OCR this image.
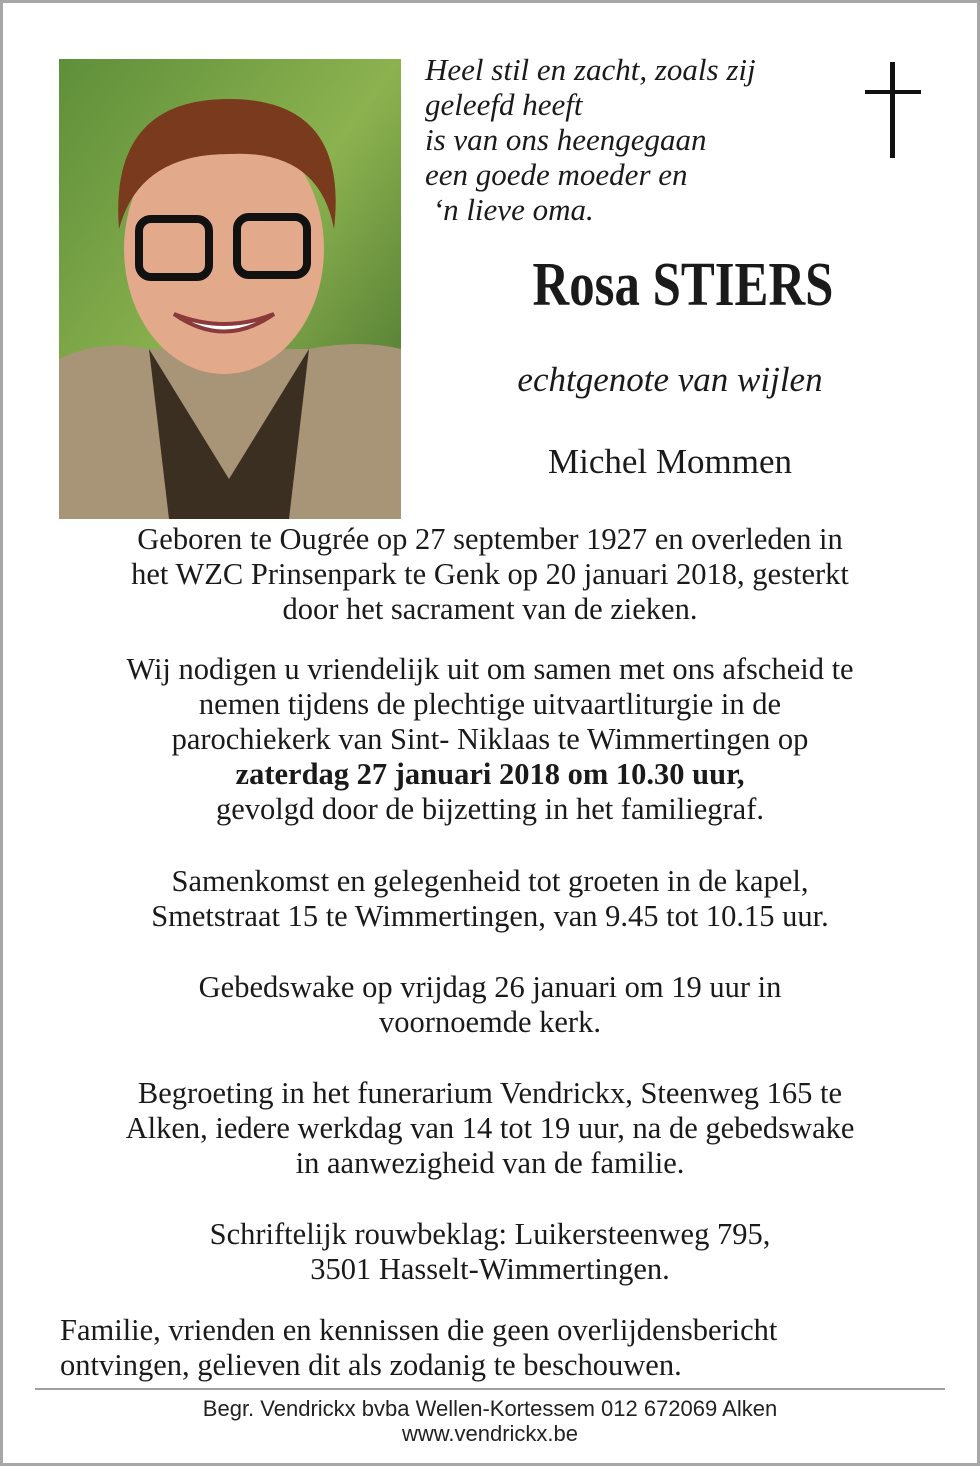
Heel stil en zacht, zoals zij
geleefd heeft
is van ons heengegaan
een goede moeder en
‘n lieve oma.
Rosa STIERS
echtgenote van wijlen
Michel Mommen
Geboren te Ougrée op 27 september 1927 en overleden in
het WZC Prinsenpark te Genk op 20 januari 2018, gesterkt
door het sacrament van de zieken.
Wij nodigen u vriendelijk uit om samen met ons afscheid te
nemen tijdens de plechtige uitvaartliturgie in de
parochiekerk van Sint- Niklaas te Wimmertingen op
zaterdag 27 januari 2018 om 10.30 uur,
gevolgd door de bijzetting in het familiegraf.
Samenkomst en gelegenheid tot groeten in de kapel,
Smetstraat 15 te Wimmertingen, van 9.45 tot 10.15 uur.
Gebedswake op vrijdag 26 januari om 19 uur in
voornoemde kerk.
Begroeting in het funerarium Vendrickx, Steenweg 165 te
Alken, iedere werkdag van 14 tot 19 uur, na de gebedswake
in aanwezigheid van de familie.
Schriftelijk rouwbeklag: Luikersteenweg 795,
3501 Hasselt-Wimmertingen.
Familie, vrienden en kennissen die geen overlijdensbericht
ontvingen, gelieven dit als zodanig te beschouwen.
Begr. Vendrickx bvba Wellen-Kortessem 012 672069 Alken
www.vendrickx.be
